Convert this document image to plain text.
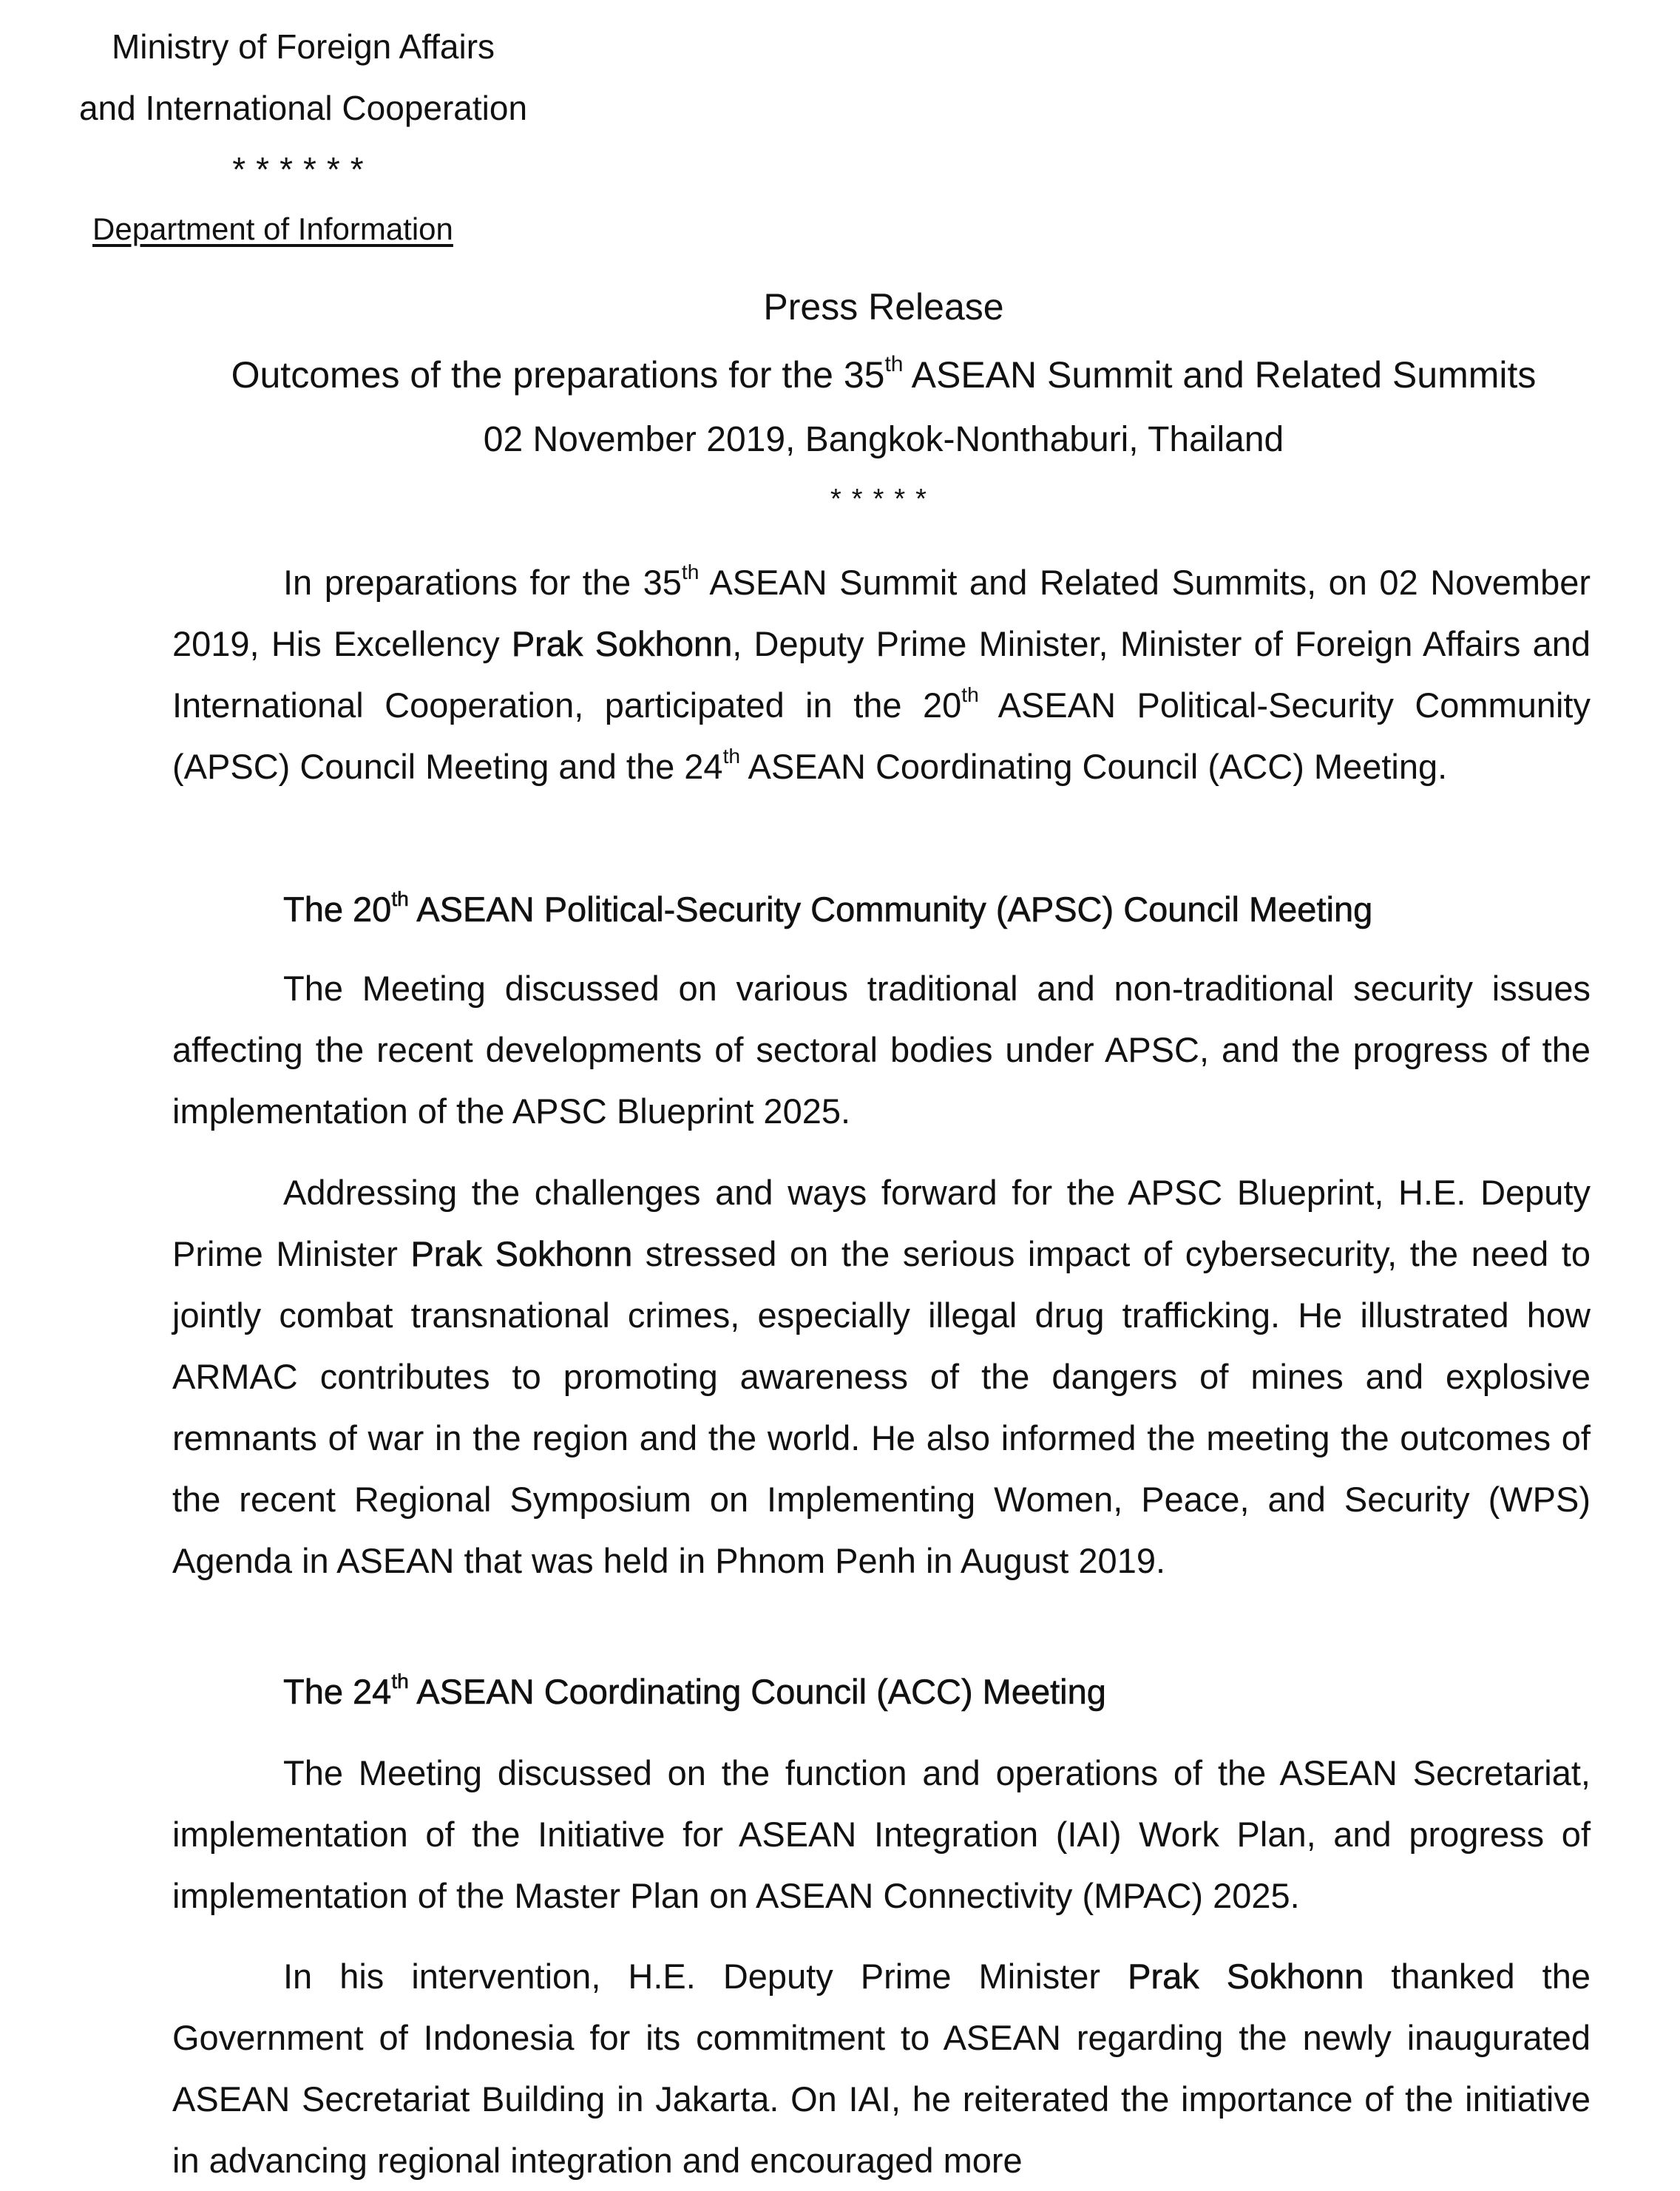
Ministry of Foreign Affairs
and International Cooperation
******
Department of Information
Press Release
Outcomes of the preparations for the 35th ASEAN Summit and Related Summits
02 November 2019, Bangkok-Nonthaburi, Thailand
*****
In preparations for the 35th ASEAN Summit and Related Summits, on 02 November 2019, His Excellency Prak Sokhonn, Deputy Prime Minister, Minister of Foreign Affairs and International Cooperation, participated in the 20th ASEAN Political-Security Community (APSC) Council Meeting and the 24th ASEAN Coordinating Council (ACC) Meeting.
The 20th ASEAN Political-Security Community (APSC) Council Meeting
The Meeting discussed on various traditional and non-traditional security issues affecting the recent developments of sectoral bodies under APSC, and the progress of the implementation of the APSC Blueprint 2025.
Addressing the challenges and ways forward for the APSC Blueprint, H.E. Deputy Prime Minister Prak Sokhonn stressed on the serious impact of cybersecurity, the need to jointly combat transnational crimes, especially illegal drug trafficking. He illustrated how ARMAC contributes to promoting awareness of the dangers of mines and explosive remnants of war in the region and the world. He also informed the meeting the outcomes of the recent Regional Symposium on Implementing Women, Peace, and Security (WPS) Agenda in ASEAN that was held in Phnom Penh in August 2019.
The 24th ASEAN Coordinating Council (ACC) Meeting
The Meeting discussed on the function and operations of the ASEAN Secretariat, implementation of the Initiative for ASEAN Integration (IAI) Work Plan, and progress of implementation of the Master Plan on ASEAN Connectivity (MPAC) 2025.
In his intervention, H.E. Deputy Prime Minister Prak Sokhonn thanked the Government of Indonesia for its commitment to ASEAN regarding the newly inaugurated ASEAN Secretariat Building in Jakarta. On IAI, he reiterated the importance of the initiative in advancing regional integration and encouraged more
